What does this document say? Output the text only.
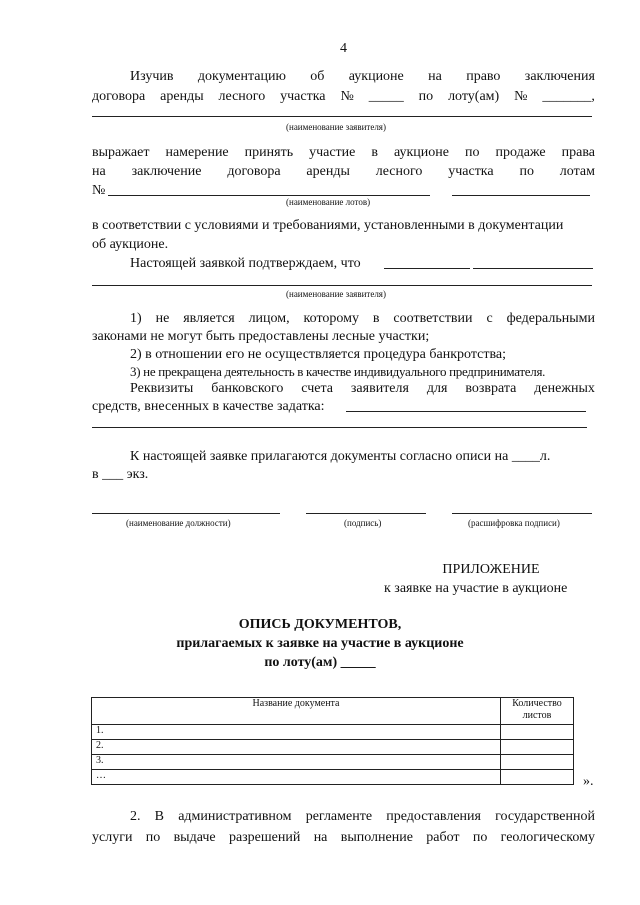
4
Изучив документацию об аукционе на право заключения
договора аренды лесного участка № _____ по лоту(ам) № _______,
(наименование заявителя)
выражает намерение принять участие в аукционе по продаже права
на заключение договора аренды лесного участка по лотам
№
(наименование лотов)
в соответствии с условиями и требованиями, установленными в документации
об аукционе.
Настоящей заявкой подтверждаем, что
(наименование заявителя)
1) не является лицом, которому в соответствии с федеральными
законами не могут быть предоставлены лесные участки;
2) в отношении его не осуществляется процедура банкротства;
3) не прекращена деятельность в качестве индивидуального предпринимателя.
Реквизиты банковского счета заявителя для возврата денежных
средств, внесенных в качестве задатка:
К настоящей заявке прилагаются документы согласно описи на ____л.
в ___ экз.
(наименование должности)	(подпись)	(расшифровка подписи)
ПРИЛОЖЕНИЕ
к заявке на участие в аукционе
ОПИСЬ ДОКУМЕНТОВ,
прилагаемых к заявке на участие в аукционе
по лоту(ам) _____
Название документа	Количество листов
1.	
2.	
3.	
…		».
2. В административном регламенте предоставления государственной
услуги по выдаче разрешений на выполнение работ по геологическому
